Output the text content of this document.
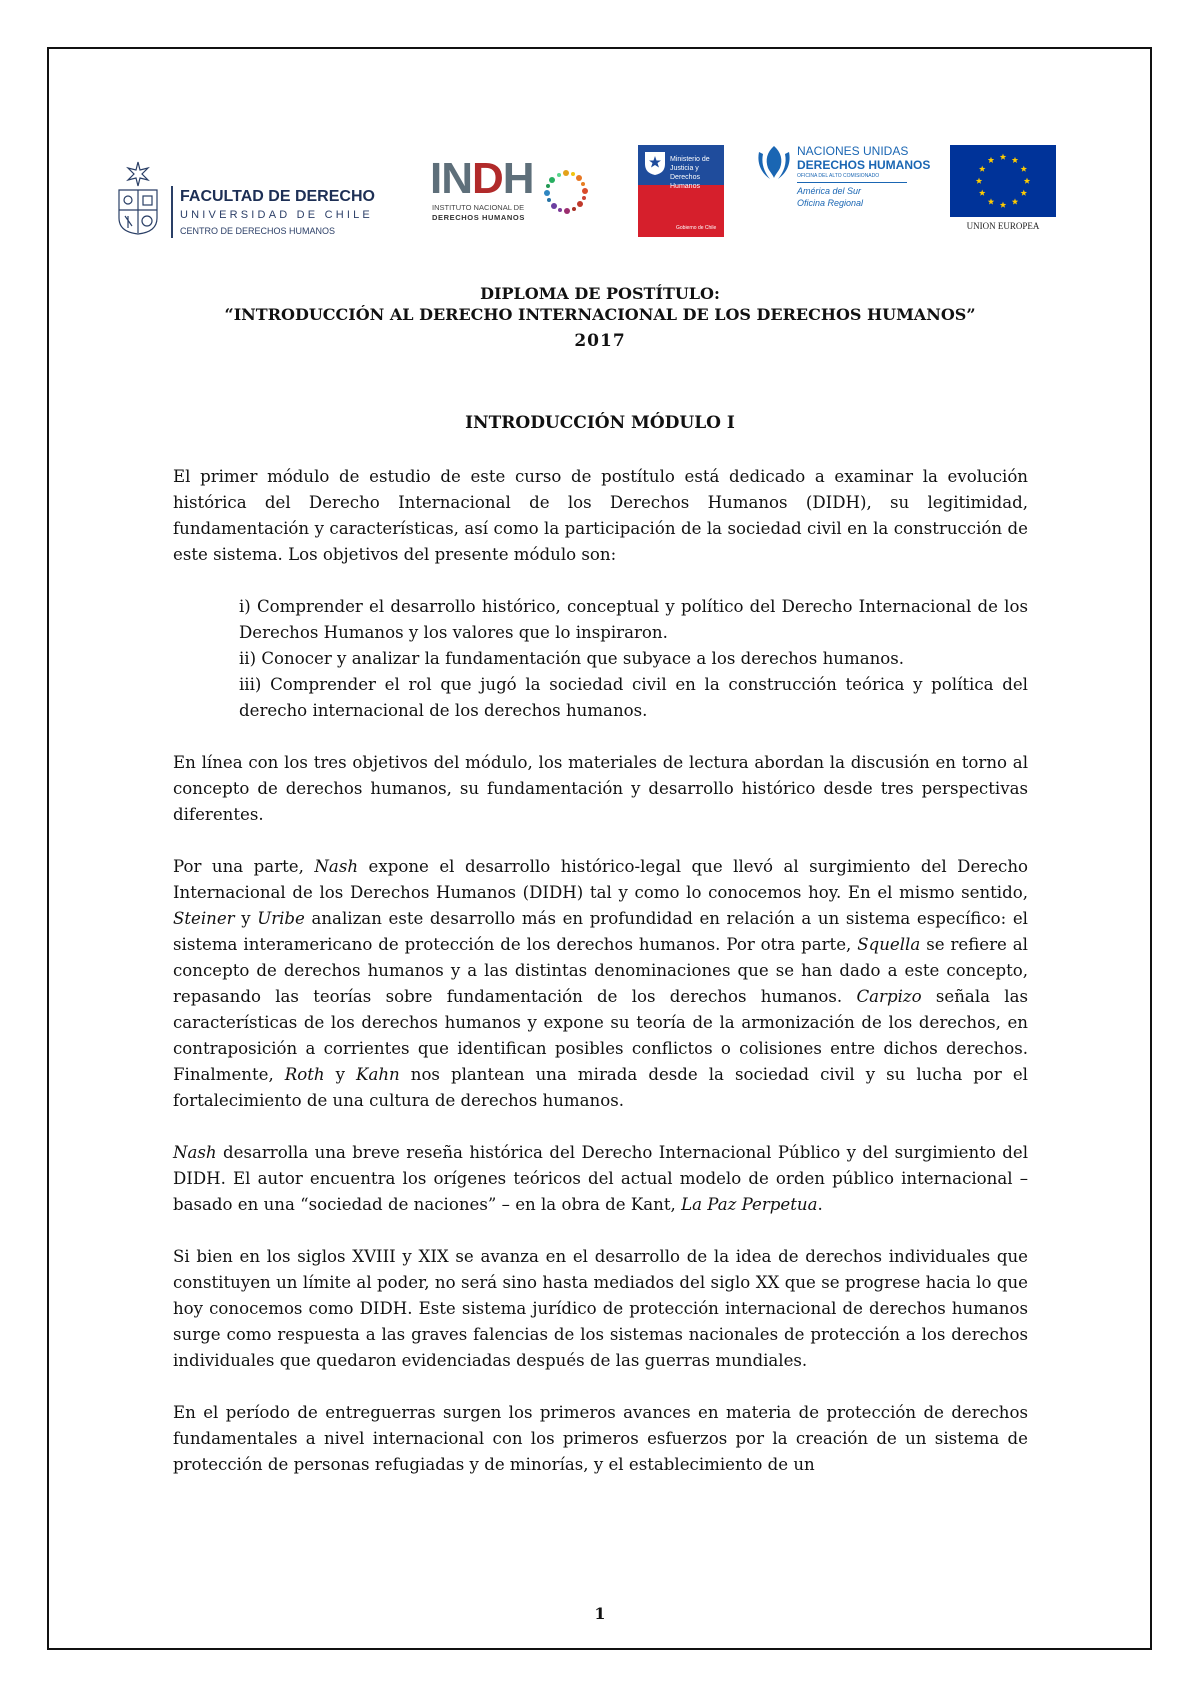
FACULTAD DE DERECHO
UNIVERSIDAD DE CHILE
CENTRO DE DERECHOS HUMANOS
INDH
INSTITUTO NACIONAL DE
DERECHOS HUMANOS
Ministerio de Justicia y Derechos Humanos
Gobierno de Chile
NACIONES UNIDAS
DERECHOS HUMANOS
OFICINA DEL ALTO COMISIONADO
América del Sur
Oficina Regional
UNION EUROPEA
DIPLOMA DE POSTÍTULO:
“INTRODUCCIÓN AL DERECHO INTERNACIONAL DE LOS DERECHOS HUMANOS”
2017
INTRODUCCIÓN MÓDULO I

El primer módulo de estudio de este curso de postítulo está dedicado a examinar la evolución histórica del Derecho Internacional de los Derechos Humanos (DIDH), su legitimidad, fundamentación y características, así como la participación de la sociedad civil en la construcción de este sistema. Los objetivos del presente módulo son:

i) Comprender el desarrollo histórico, conceptual y político del Derecho Internacional de los Derechos Humanos y los valores que lo inspiraron.
ii) Conocer y analizar la fundamentación que subyace a los derechos humanos.
iii) Comprender el rol que jugó la sociedad civil en la construcción teórica y política del derecho internacional de los derechos humanos.

En línea con los tres objetivos del módulo, los materiales de lectura abordan la discusión en torno al concepto de derechos humanos, su fundamentación y desarrollo histórico desde tres perspectivas diferentes.

Por una parte, Nash expone el desarrollo histórico-legal que llevó al surgimiento del Derecho Internacional de los Derechos Humanos (DIDH) tal y como lo conocemos hoy. En el mismo sentido, Steiner y Uribe analizan este desarrollo más en profundidad en relación a un sistema específico: el sistema interamericano de protección de los derechos humanos. Por otra parte, Squella se refiere al concepto de derechos humanos y a las distintas denominaciones que se han dado a este concepto, repasando las teorías sobre fundamentación de los derechos humanos. Carpizo señala las características de los derechos humanos y expone su teoría de la armonización de los derechos, en contraposición a corrientes que identifican posibles conflictos o colisiones entre dichos derechos. Finalmente, Roth y Kahn nos plantean una mirada desde la sociedad civil y su lucha por el fortalecimiento de una cultura de derechos humanos.

Nash desarrolla una breve reseña histórica del Derecho Internacional Público y del surgimiento del DIDH. El autor encuentra los orígenes teóricos del actual modelo de orden público internacional –basado en una “sociedad de naciones” – en la obra de Kant, La Paz Perpetua.

Si bien en los siglos XVIII y XIX se avanza en el desarrollo de la idea de derechos individuales que constituyen un límite al poder, no será sino hasta mediados del siglo XX que se progrese hacia lo que hoy conocemos como DIDH. Este sistema jurídico de protección internacional de derechos humanos surge como respuesta a las graves falencias de los sistemas nacionales de protección a los derechos individuales que quedaron evidenciadas después de las guerras mundiales.

En el período de entreguerras surgen los primeros avances en materia de protección de derechos fundamentales a nivel internacional con los primeros esfuerzos por la creación de un sistema de protección de personas refugiadas y de minorías, y el establecimiento de un

1
